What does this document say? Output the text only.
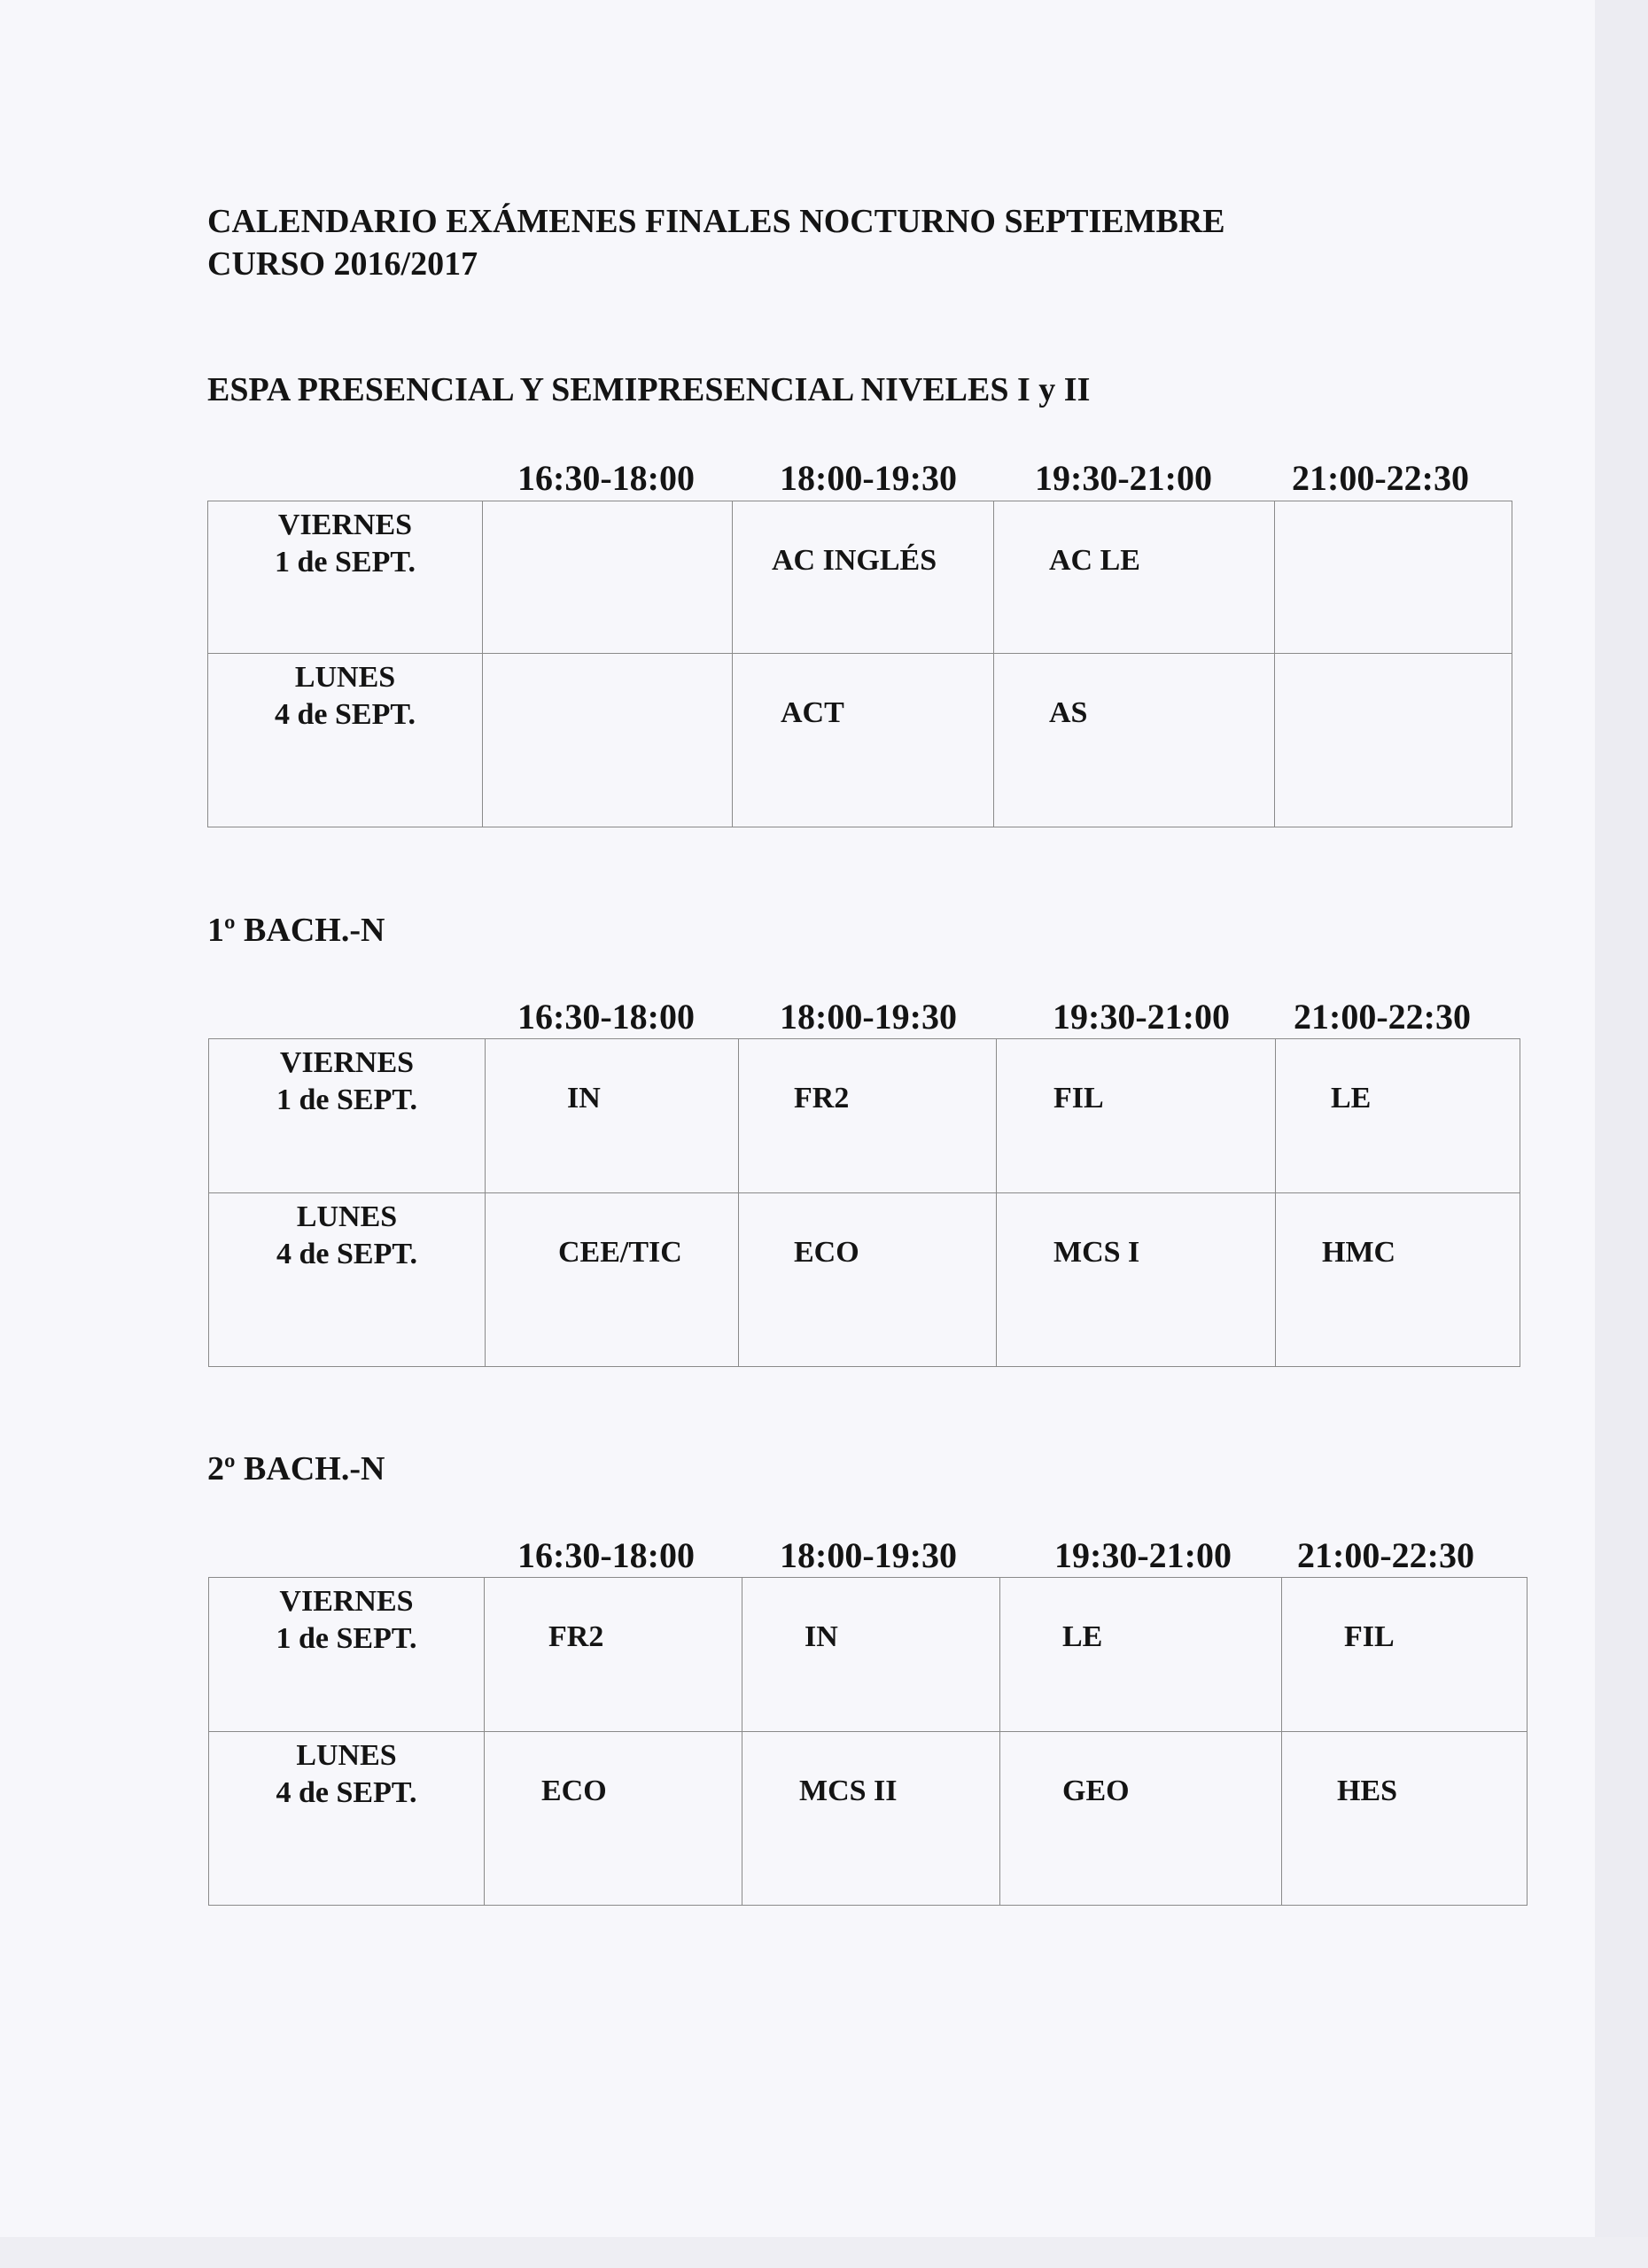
CALENDARIO EXÁMENES FINALES NOCTURNO SEPTIEMBRE
CURSO 2016/2017
ESPA PRESENCIAL Y SEMIPRESENCIAL NIVELES I y II
16:30-18:00	18:00-19:30	19:30-21:00	21:00-22:30
VIERNES
1 de SEPT.		AC INGLÉS	AC LE	

LUNES
4 de SEPT.		ACT	AS	
1º BACH.-N
16:30-18:00	18:00-19:30	19:30-21:00	21:00-22:30
VIERNES
1 de SEPT.	IN	FR2	FIL	LE

LUNES
4 de SEPT.	CEE/TIC	ECO	MCS I	HMC
2º BACH.-N
16:30-18:00	18:00-19:30	19:30-21:00	21:00-22:30
VIERNES
1 de SEPT.	FR2	IN	LE	FIL

LUNES
4 de SEPT.	ECO	MCS II	GEO	HES
